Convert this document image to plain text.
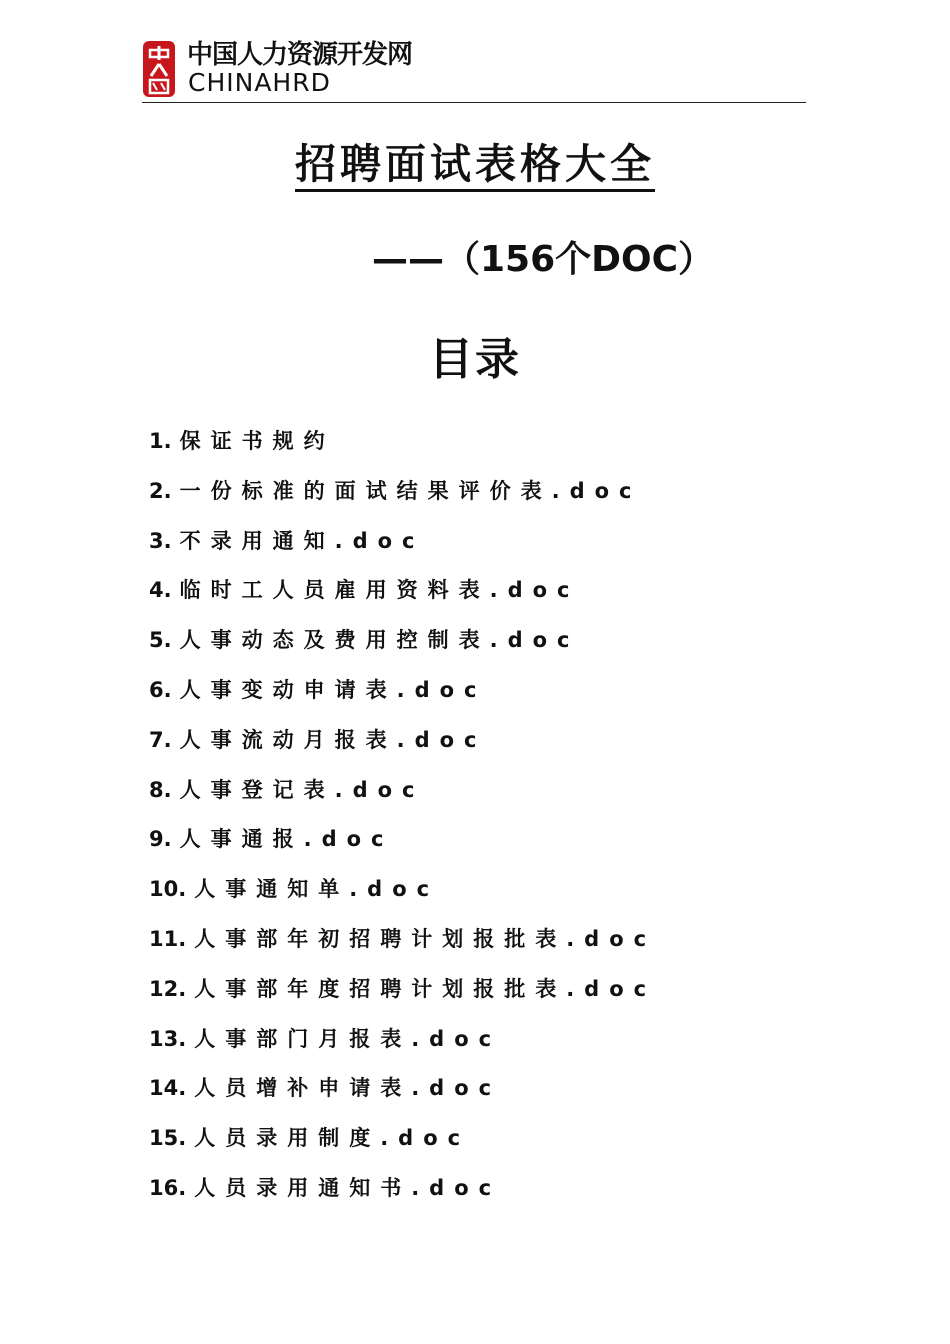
中国人力资源开发网
CHINAHRD
招聘面试表格大全
——（156个DOC）
目录
1. 保证书规约
2. 一份标准的面试结果评价表.doc
3. 不录用通知.doc
4. 临时工人员雇用资料表.doc
5. 人事动态及费用控制表.doc
6. 人事变动申请表.doc
7. 人事流动月报表.doc
8. 人事登记表.doc
9. 人事通报.doc
10. 人事通知单.doc
11. 人事部年初招聘计划报批表.doc
12. 人事部年度招聘计划报批表.doc
13. 人事部门月报表.doc
14. 人员增补申请表.doc
15. 人员录用制度.doc
16. 人员录用通知书.doc
